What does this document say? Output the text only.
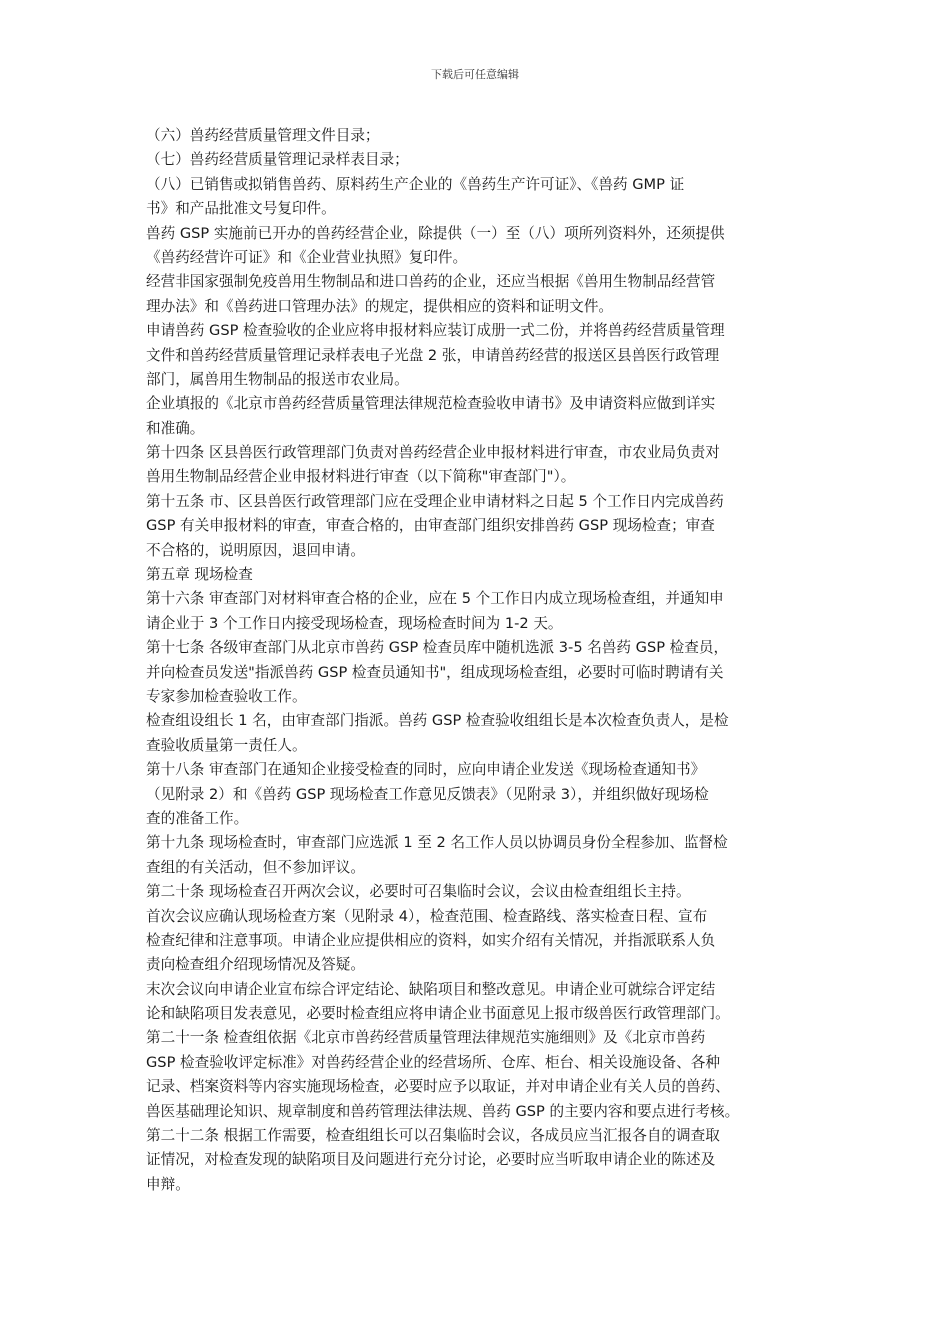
下载后可任意编辑
（六）兽药经营质量管理文件目录；
（七）兽药经营质量管理记录样表目录；
（八）已销售或拟销售兽药、原料药生产企业的《兽药生产许可证》、《兽药 GMP 证
书》和产品批准文号复印件。
兽药 GSP 实施前已开办的兽药经营企业，除提供（一）至（八）项所列资料外，还须提供
《兽药经营许可证》和《企业营业执照》复印件。
经营非国家强制免疫兽用生物制品和进口兽药的企业，还应当根据《兽用生物制品经营管
理办法》和《兽药进口管理办法》的规定，提供相应的资料和证明文件。
申请兽药 GSP 检查验收的企业应将申报材料应装订成册一式二份，并将兽药经营质量管理
文件和兽药经营质量管理记录样表电子光盘 2 张，申请兽药经营的报送区县兽医行政管理
部门，属兽用生物制品的报送市农业局。
企业填报的《北京市兽药经营质量管理法律规范检查验收申请书》及申请资料应做到详实
和准确。
第十四条 区县兽医行政管理部门负责对兽药经营企业申报材料进行审查，市农业局负责对
兽用生物制品经营企业申报材料进行审查（以下简称"审查部门"）。
第十五条 市、区县兽医行政管理部门应在受理企业申请材料之日起 5 个工作日内完成兽药
GSP 有关申报材料的审查，审查合格的，由审查部门组织安排兽药 GSP 现场检查；审查
不合格的，说明原因，退回申请。
第五章 现场检查
第十六条 审查部门对材料审查合格的企业，应在 5 个工作日内成立现场检查组，并通知申
请企业于 3 个工作日内接受现场检查，现场检查时间为 1-2 天。
第十七条 各级审查部门从北京市兽药 GSP 检查员库中随机选派 3-5 名兽药 GSP 检查员，
并向检查员发送"指派兽药 GSP 检查员通知书"，组成现场检查组，必要时可临时聘请有关
专家参加检查验收工作。
检查组设组长 1 名，由审查部门指派。兽药 GSP 检查验收组组长是本次检查负责人，是检
查验收质量第一责任人。
第十八条 审查部门在通知企业接受检查的同时，应向申请企业发送《现场检查通知书》
（见附录 2）和《兽药 GSP 现场检查工作意见反馈表》（见附录 3），并组织做好现场检
查的准备工作。
第十九条 现场检查时，审查部门应选派 1 至 2 名工作人员以协调员身份全程参加、监督检
查组的有关活动，但不参加评议。
第二十条 现场检查召开两次会议，必要时可召集临时会议，会议由检查组组长主持。
首次会议应确认现场检查方案（见附录 4），检查范围、检查路线、落实检查日程、宣布
检查纪律和注意事项。申请企业应提供相应的资料，如实介绍有关情况，并指派联系人负
责向检查组介绍现场情况及答疑。
末次会议向申请企业宣布综合评定结论、缺陷项目和整改意见。申请企业可就综合评定结
论和缺陷项目发表意见，必要时检查组应将申请企业书面意见上报市级兽医行政管理部门。
第二十一条 检查组依据《北京市兽药经营质量管理法律规范实施细则》及《北京市兽药
GSP 检查验收评定标准》对兽药经营企业的经营场所、仓库、柜台、相关设施设备、各种
记录、档案资料等内容实施现场检查，必要时应予以取证，并对申请企业有关人员的兽药、
兽医基础理论知识、规章制度和兽药管理法律法规、兽药 GSP 的主要内容和要点进行考核。
第二十二条 根据工作需要，检查组组长可以召集临时会议，各成员应当汇报各自的调查取
证情况，对检查发现的缺陷项目及问题进行充分讨论，必要时应当听取申请企业的陈述及
申辩。
